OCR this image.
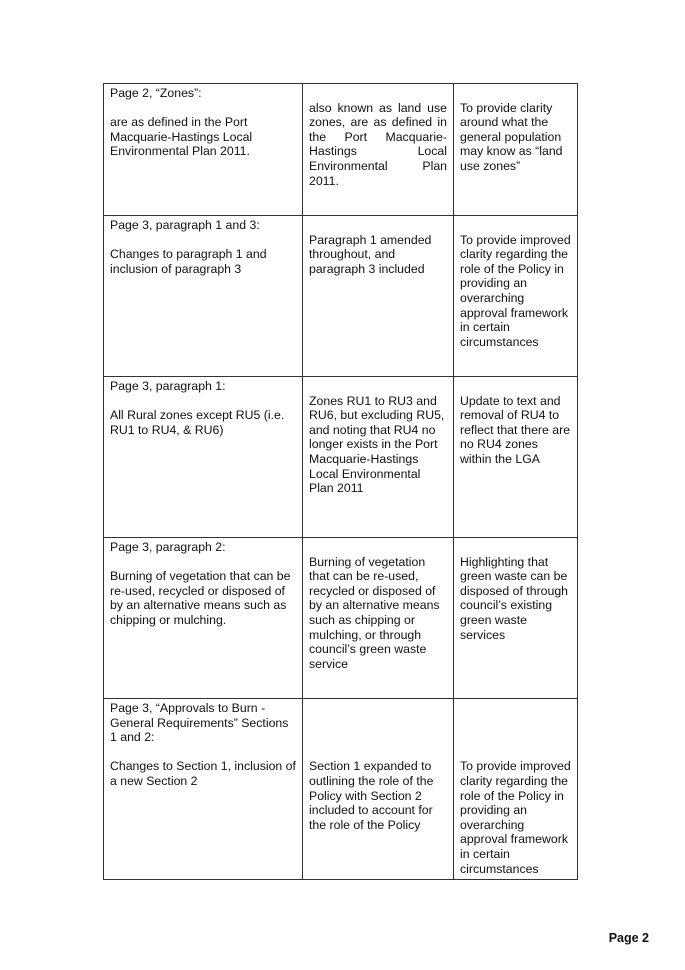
Page 2, “Zones”:
are as defined in the Port Macquarie-Hastings Local Environmental Plan 2011.	also known as land use zones, are as defined in the Port Macquarie-Hastings Local Environmental Plan 2011.	To provide clarity around what the general population may know as “land use zones”

Page 3, paragraph 1 and 3:
Changes to paragraph 1 and inclusion of paragraph 3	Paragraph 1 amended throughout, and paragraph 3 included	To provide improved clarity regarding the role of the Policy in providing an overarching approval framework in certain circumstances

Page 3, paragraph 1:
All Rural zones except RU5 (i.e. RU1 to RU4, & RU6)	Zones RU1 to RU3 and RU6, but excluding RU5, and noting that RU4 no longer exists in the Port Macquarie-Hastings Local Environmental Plan 2011	Update to text and removal of RU4 to reflect that there are no RU4 zones within the LGA

Page 3, paragraph 2:
Burning of vegetation that can be re-used, recycled or disposed of by an alternative means such as chipping or mulching.	Burning of vegetation that can be re-used, recycled or disposed of by an alternative means such as chipping or mulching, or through council’s green waste service	Highlighting that green waste can be disposed of through council’s existing green waste services

Page 3, “Approvals to Burn - General Requirements” Sections 1 and 2:
Changes to Section 1, inclusion of a new Section 2	Section 1 expanded to outlining the role of the Policy with Section 2 included to account for the role of the Policy	To provide improved clarity regarding the role of the Policy in providing an overarching approval framework in certain circumstances
Page 2
